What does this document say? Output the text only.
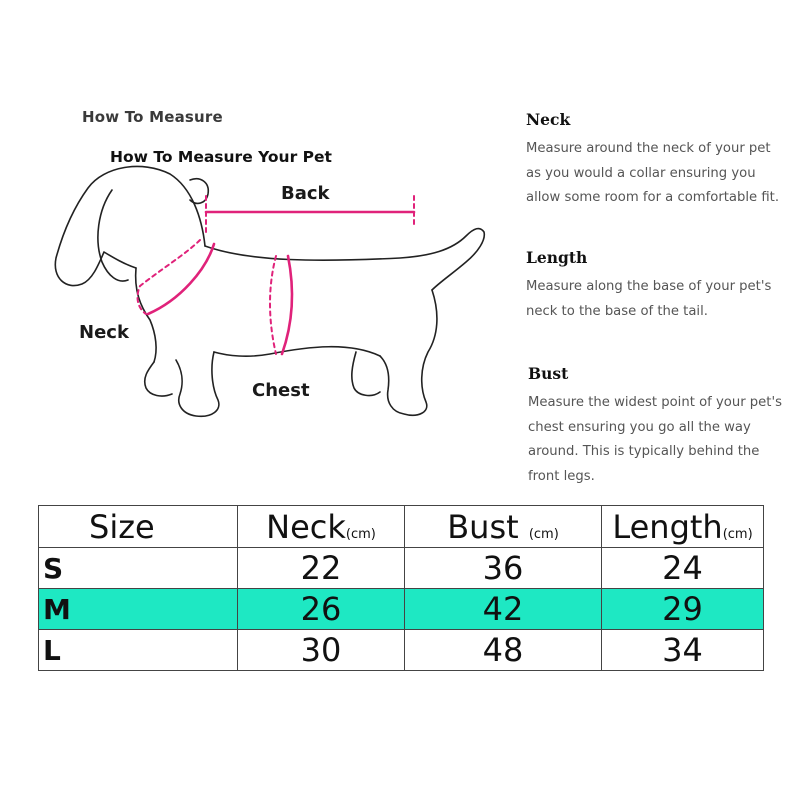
How To Measure
How To Measure Your Pet
Back
Neck
Chest
Neck

Measure around the neck of your pet as you would a collar ensuring you allow some room for a comfortable fit.

Length

Measure along the base of your pet's neck to the base of the tail.

Bust

Measure the widest point of your pet's chest ensuring you go all the way around. This is typically behind the front legs.

Size	Neck(cm)	Bust (cm)	Length(cm)
S	22	36	24
M	26	42	29
L	30	48	34
